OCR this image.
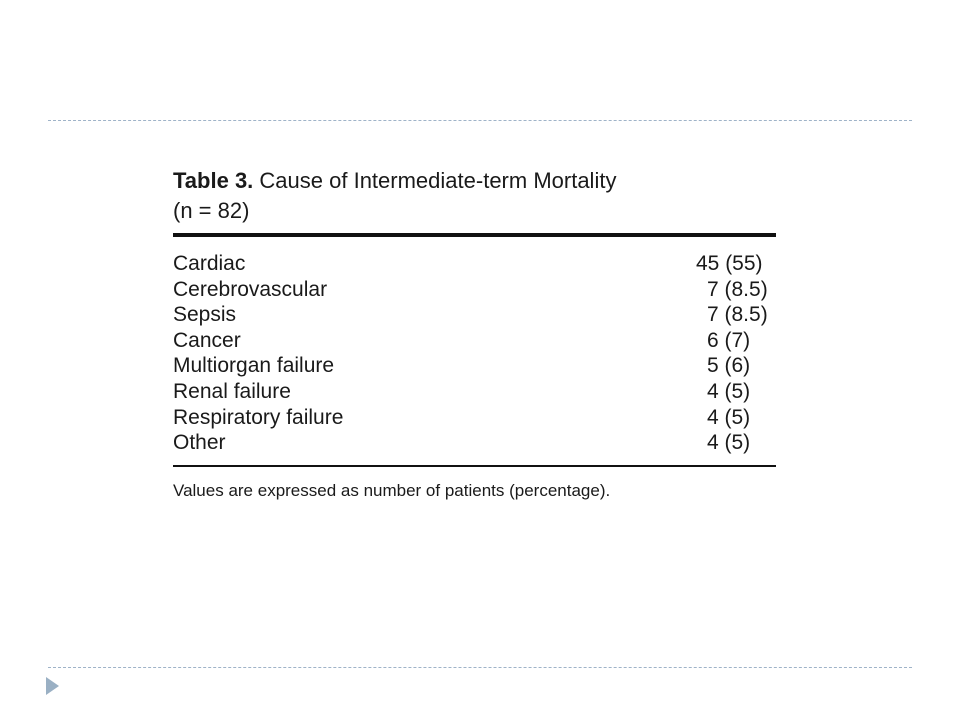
Table 3. Cause of Intermediate-term Mortality
(n = 82)
Cardiac	45 (55)
Cerebrovascular	7 (8.5)
Sepsis	7 (8.5)
Cancer	6 (7)
Multiorgan failure	5 (6)
Renal failure	4 (5)
Respiratory failure	4 (5)
Other	4 (5)
Values are expressed as number of patients (percentage).
